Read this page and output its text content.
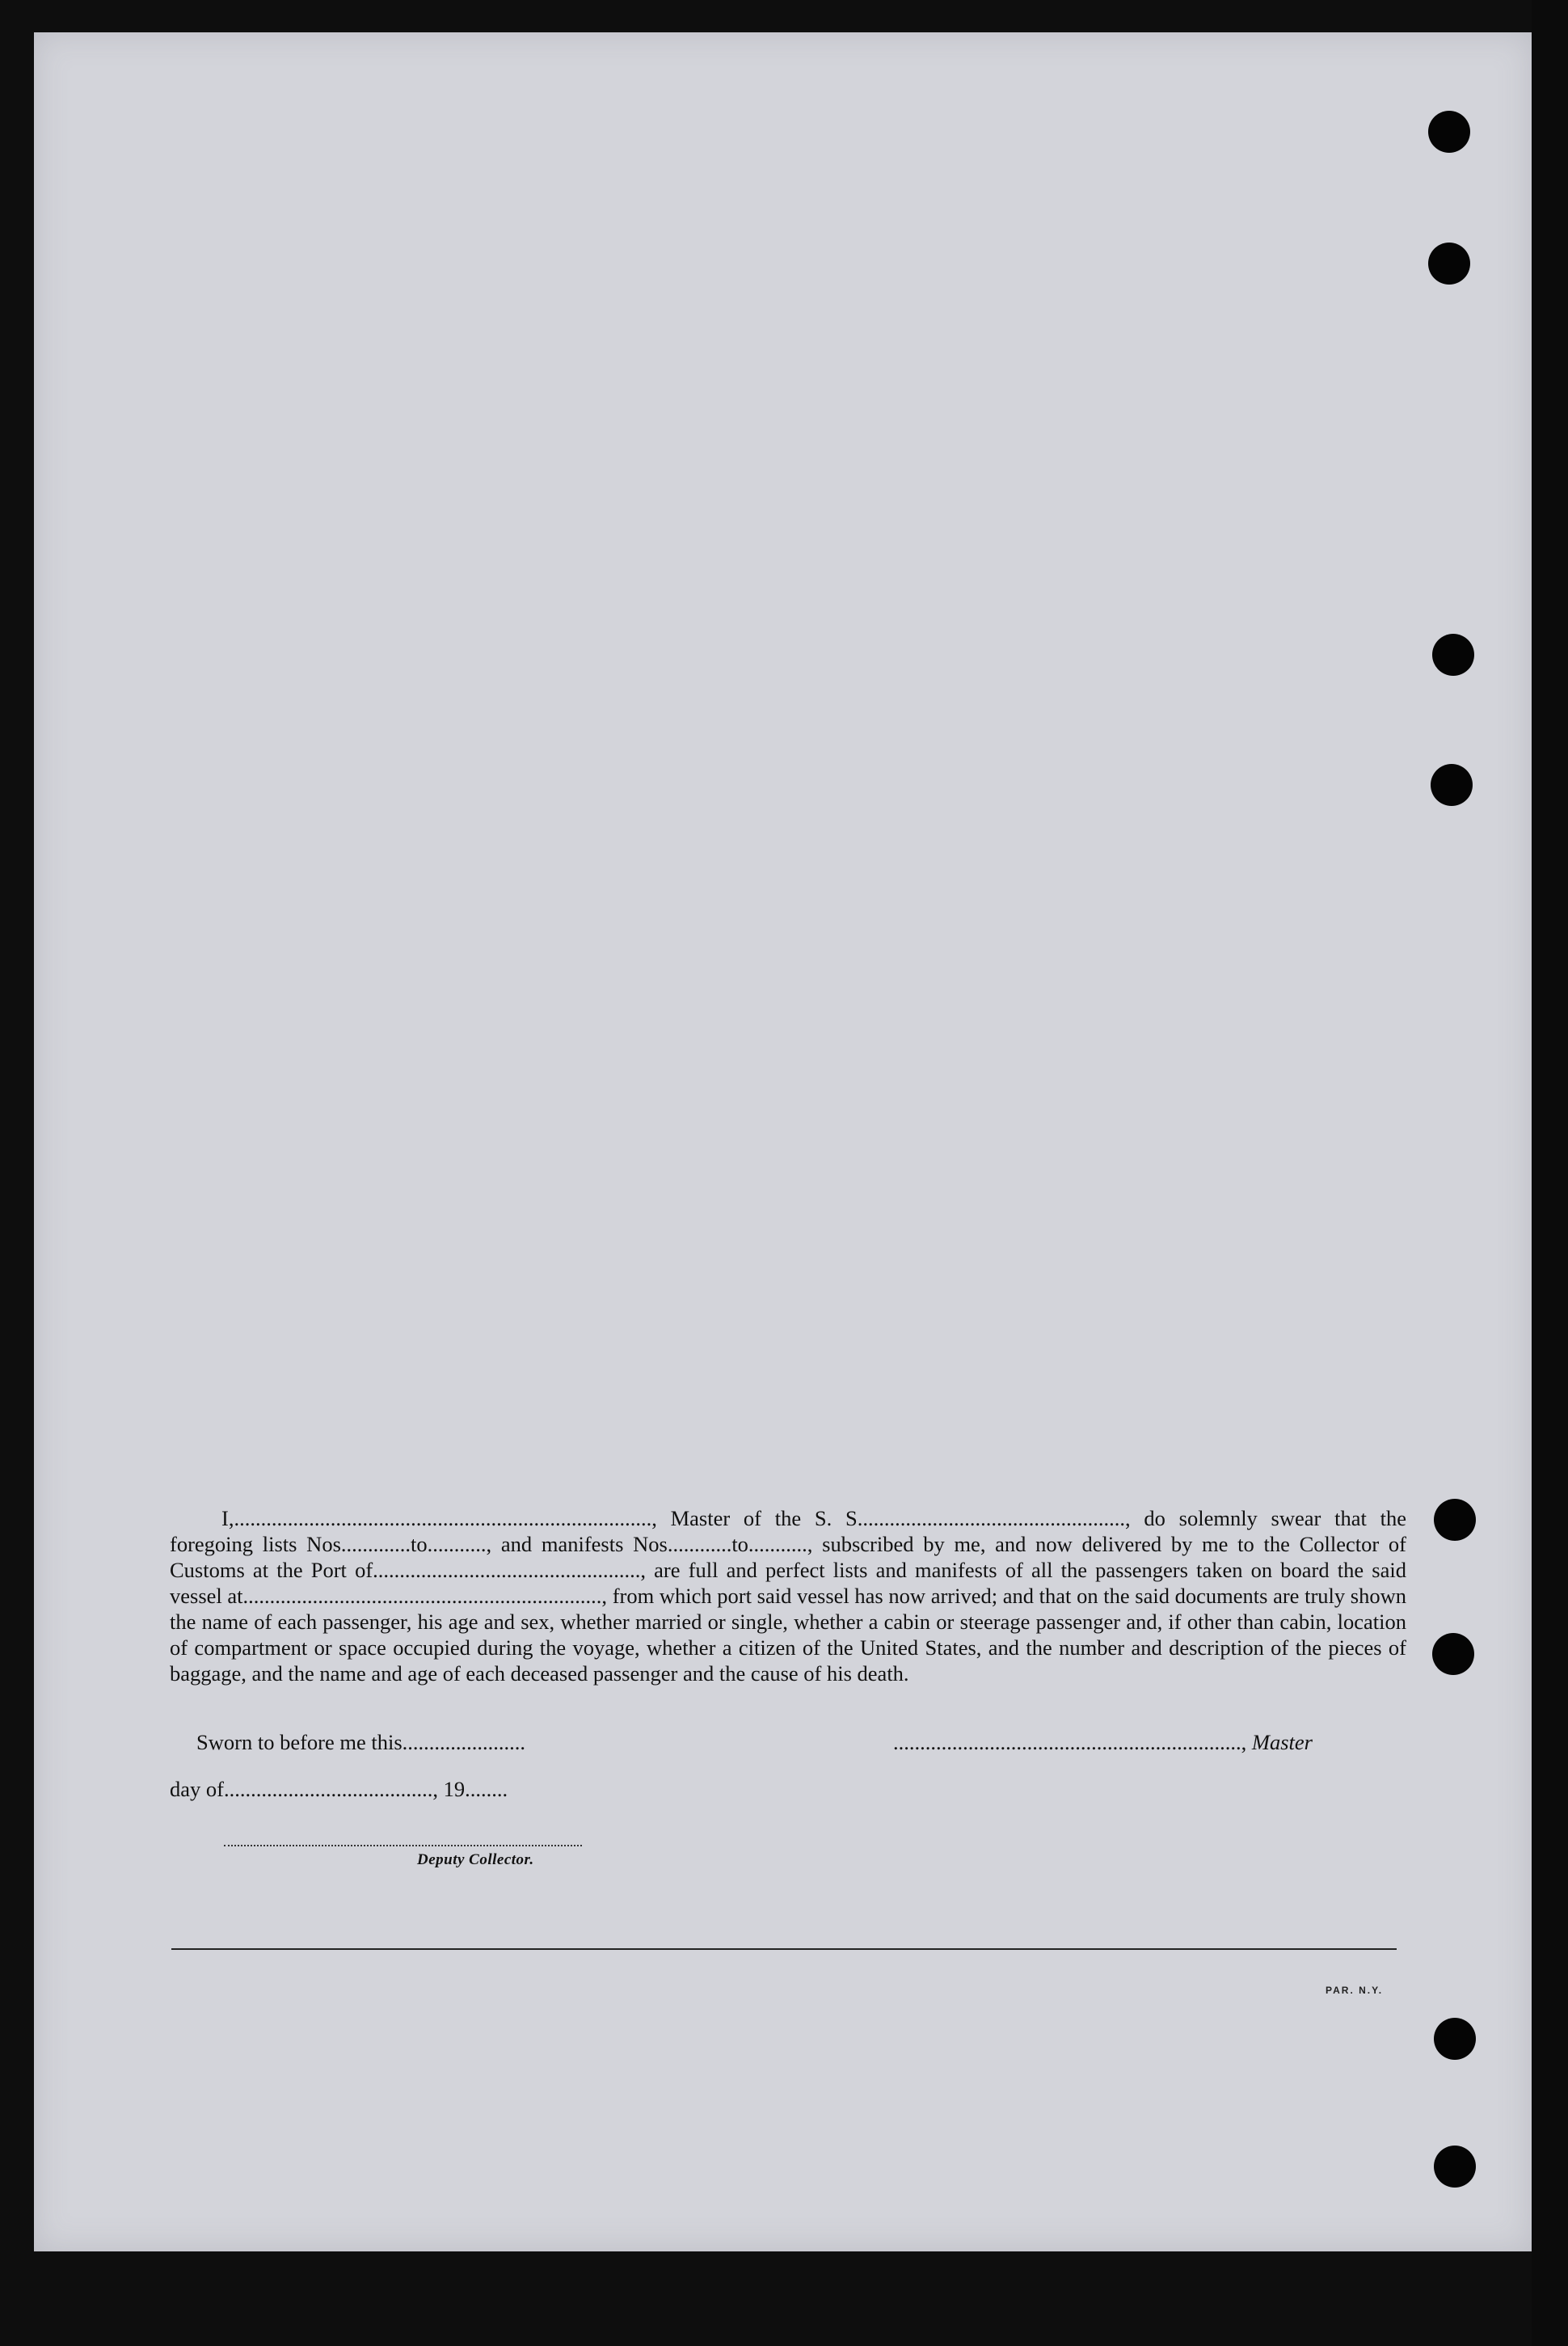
I,.............................................................................., Master of the S. S.................................................., do solemnly swear that the foregoing lists Nos.............to..........., and manifests Nos............to..........., subscribed by me, and now delivered by me to the Collector of Customs at the Port of.................................................., are full and perfect lists and manifests of all the passengers taken on board the said vessel at..................................................................., from which port said vessel has now arrived; and that on the said documents are truly shown the name of each passenger, his age and sex, whether married or single, whether a cabin or steerage passenger and, if other than cabin, location of compartment or space occupied during the voyage, whether a citizen of the United States, and the number and description of the pieces of baggage, and the name and age of each deceased passenger and the cause of his death.
Sworn to before me this.......................	................................................................., Master
day of......................................., 19........
Deputy Collector.
PAR. N.Y.
